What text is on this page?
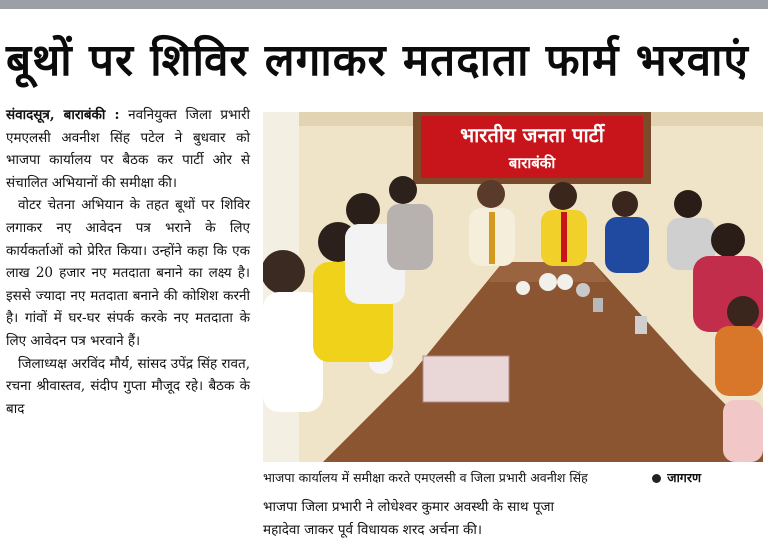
बूथों पर शिविर लगाकर मतदाता फार्म भरवाएं

संवादसूत्र, बाराबंकी : नवनियुक्त जिला प्रभारी एमएलसी अवनीश सिंह पटेल ने बुधवार को भाजपा कार्यालय पर बैठक कर पार्टी ओर से संचालित अभियानों की समीक्षा की।

वोटर चेतना अभियान के तहत बूथों पर शिविर लगाकर नए आवेदन पत्र भराने के लिए कार्यकर्ताओं को प्रेरित किया। उन्होंने कहा कि एक लाख 20 हजार नए मतदाता बनाने का लक्ष्य है। इससे ज्यादा नए मतदाता बनाने की कोशिश करनी है। गांवों में घर-घर संपर्क करके नए मतदाता के लिए आवेदन पत्र भरवाने हैं।

जिलाध्यक्ष अरविंद मौर्य, सांसद उपेंद्र सिंह रावत, रचना श्रीवास्तव, संदीप गुप्ता मौजूद रहे। बैठक के बाद

भारतीय जनता पार्टी
बाराबंकी
भाजपा कार्यालय में समीक्षा करते एमएलसी व जिला प्रभारी अवनीश सिंह	जागरण
भाजपा जिला प्रभारी ने लोधेश्वर कुमार अवस्थी के साथ पूजा
महादेवा जाकर पूर्व विधायक शरद अर्चना की।
